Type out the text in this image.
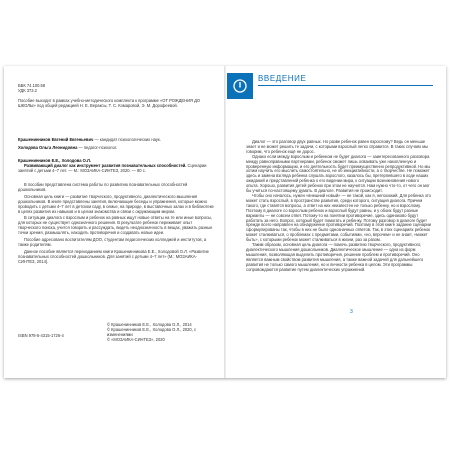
ББК 74.100.58

УДК 373.2

Пособие выходит в рамках учебно-методического комплекта к программе «ОТ РОЖДЕНИЯ ДО ШКОЛЫ» под общей редакцией Н. Е. Вераксы, Т. С. Комаровой, Э. М. Дорофеевой.

Крашенинников Евгений Евгеньевич — кандидат психологических наук.

Холодова Ольга Леонидовна — педагог-психолог.

Крашенинников Е.Е., Холодова О.Л.

Развивающий диалог как инструмент развития познавательных способностей. Сценарии занятий с детьми 4–7 лет. — М.: МОЗАИКА-СИНТЕЗ, 2020. — 80 с.

В пособии представлена система работы по развитию познавательных способностей дошкольников.

Основная цель книги — развитие творческого, продуктивного, диалектического мышления дошкольников. В книге представлены занятия, включающие беседы и упражнения, которые можно проводить с детьми 4–7 лет в детском саду, в семье, на природе, в выставочных залах и в библиотеке в целях развития их навыков и в целом знакомства и связи с окружающим миром.

В ситуации диалога с взрослым и ребенок на равных ищут новые ответы на те или иные вопросы, для которых не существует однозначного решения. В результате ребенок переживает опыт творческого поиска, учится говорить и рассуждать, видеть неоднозначность в вещах, уважать разные точки зрения, размышлять, находить противоречия и создавать новые идеи.

Пособие адресовано воспитателям ДОО, студентам педагогических колледжей и институтов, а также родителям.

Данное пособие является переизданием книги Крашенинникова Е.Е., Холодовой О.Л. «Развитие познавательных способностей дошкольников. Для занятий с детьми 4–7 лет» (М.: МОЗАИКА-СИНТЕЗ, 2014).

© Крашенинников Е.Е., Холодова О.Л., 2014

© Крашенинников Е.Е., Холодова О.Л., 2020, с изменениями

© «МОЗАИКА-СИНТЕЗ», 2020

ISBN 978-5-4315-1726-4

ВВЕДЕНИЕ

Диалог — это разговор двух равных. Но разве ребенок равен взрослому? Ведь он меньше знает и не может решить те задачи, с которыми взрослый легко справится. В таких случаях мы говорим, что ребенок ещё не дорос.

Однако если между взрослым и ребенком не будет диалога — заинтересованного разговора между равноправными партнерами, ребенок сможет лишь осваивать уже накопленную и проверенную информацию, и его деятельность будет преимущественно репродуктивной. Но мы хотим научить его мыслить самостоятельно, не об инициативности, а о творчестве. Не поможет здесь и замена взгляда ребенка слушать взрослого, казалось бы, претерпевшего в ходе наших ожиданий и представлений ребенка о его видении мира, к ситуации возникновения нового опыта. Хорошо, развития детей ребенок при этом не научится. Нам нужно что-то, от чего он мог бы учиться по-настоящему думать. В диалоге. Развития не происходит.

Чтобы оно началось, нужен «внешний новый» — не такой, как я, непохожий. Для ребенка это может стать взрослый, в пространстве развития, среди которого, ситуация диалога. Причем такого, где ставятся вопросы, а ответ на них неизвестен не только ребенку, но и взрослому. Поэтому в диалоге со взрослым ребенок и взрослый будут равны, и у обоих будут разные варианты — не совсем ответ. Потому-то на понятии противоречие, здесь одинаково будут работать за него. Вопрос, который будет помогать и ребенку. Потому разговор в диалоге будет прежде всего направлен на обнаружение противоречий. Поэтому в этой книге задание сценарии сформулированы так, чтобы в них не было однозначных ответов. Так, в этих сценариях ребенок может сталкиваться, о проблемах с предметами, событиями, «но, впрочем» и не знает, «может быть», с которыми ребенок может сталкиваться в жизни, раз за разом.

Таким образом, основная цель диалога — помочь развитию творческого, продуктивного, диалектического мышления дошкольников. Диалектическое мышление — одна из форм мышления, позволяющая выделить противоречия, решение проблем и противоречий. Оно является важным свойством развития мышления, а также важной задачей для дальнейшего развития не только самого мышления, но и личности ребенка в целом. Эти программы сопровождаются развитие путем диалектических упражнений.

3
